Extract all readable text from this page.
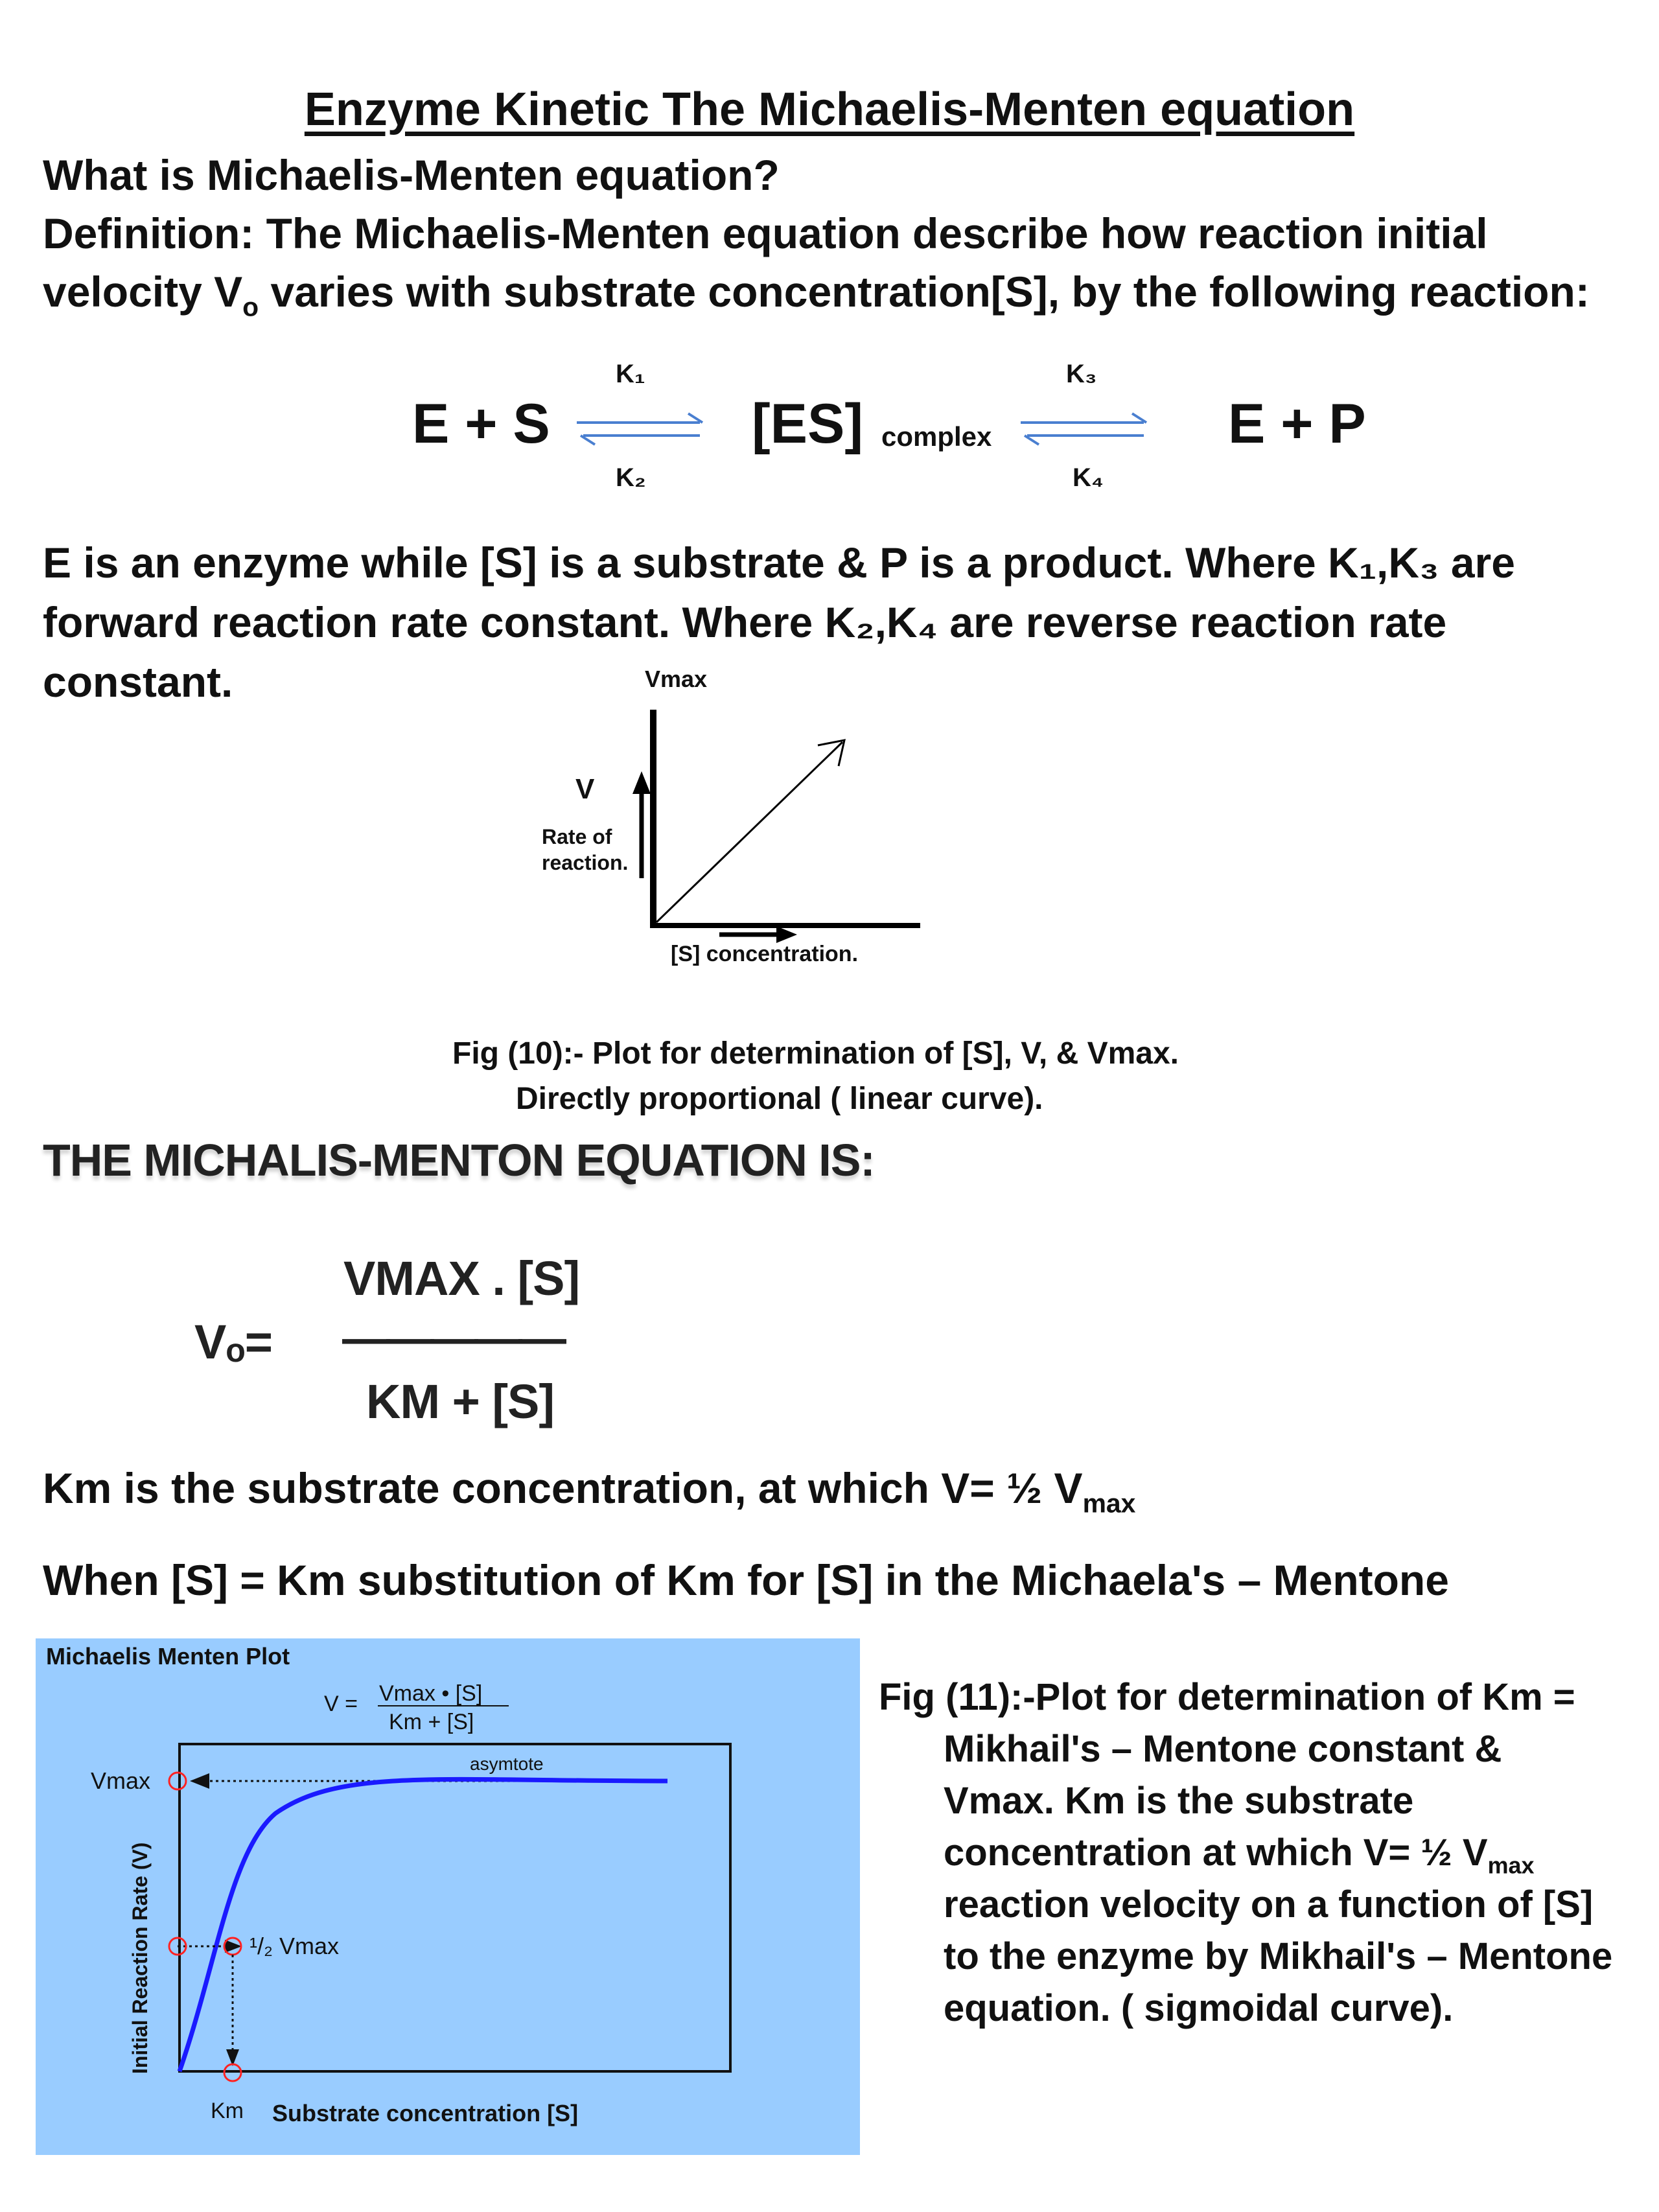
Enzyme Kinetic The Michaelis-Menten equation
What is Michaelis-Menten equation?
Definition: The Michaelis-Menten equation describe how reaction initial
velocity $V_o$ varies with substrate concentration[S], by the following reaction:
E + S
K₁
K₂
[ES] complex
K₃
K₄
E + P
E is an enzyme while [S] is a substrate & P is a product. Where K₁,K₃ are
forward reaction rate constant. Where K₂,K₄ are reverse reaction rate
constant.	Vmax
V
Rate of
reaction.
[S] concentration.
Fig (10):- Plot for determination of [S], V, & Vmax.
Directly proportional ( linear curve).
THE MICHALIS-MENTON EQUATION IS:
VMAX . [S]
Vₒ= —————
KM + [S]
Km is the substrate concentration, at which V= ½ $V_{max}$
When [S] = Km substitution of Km for [S] in the Michaela's – Mentone
Michaelis Menten Plot
V = Vmax • [S]
Km + [S]
asymtote
Vmax
¹/₂ Vmax
Km Substrate concentration [S]
Initial Reaction Rate (V)
Fig (11):-Plot for determination of Km =
Mikhail's – Mentone constant &
Vmax. Km is the substrate
concentration at which V= ½ $V_{max}$
reaction velocity on a function of [S]
to the enzyme by Mikhail's – Mentone
equation. ( sigmoidal curve).
